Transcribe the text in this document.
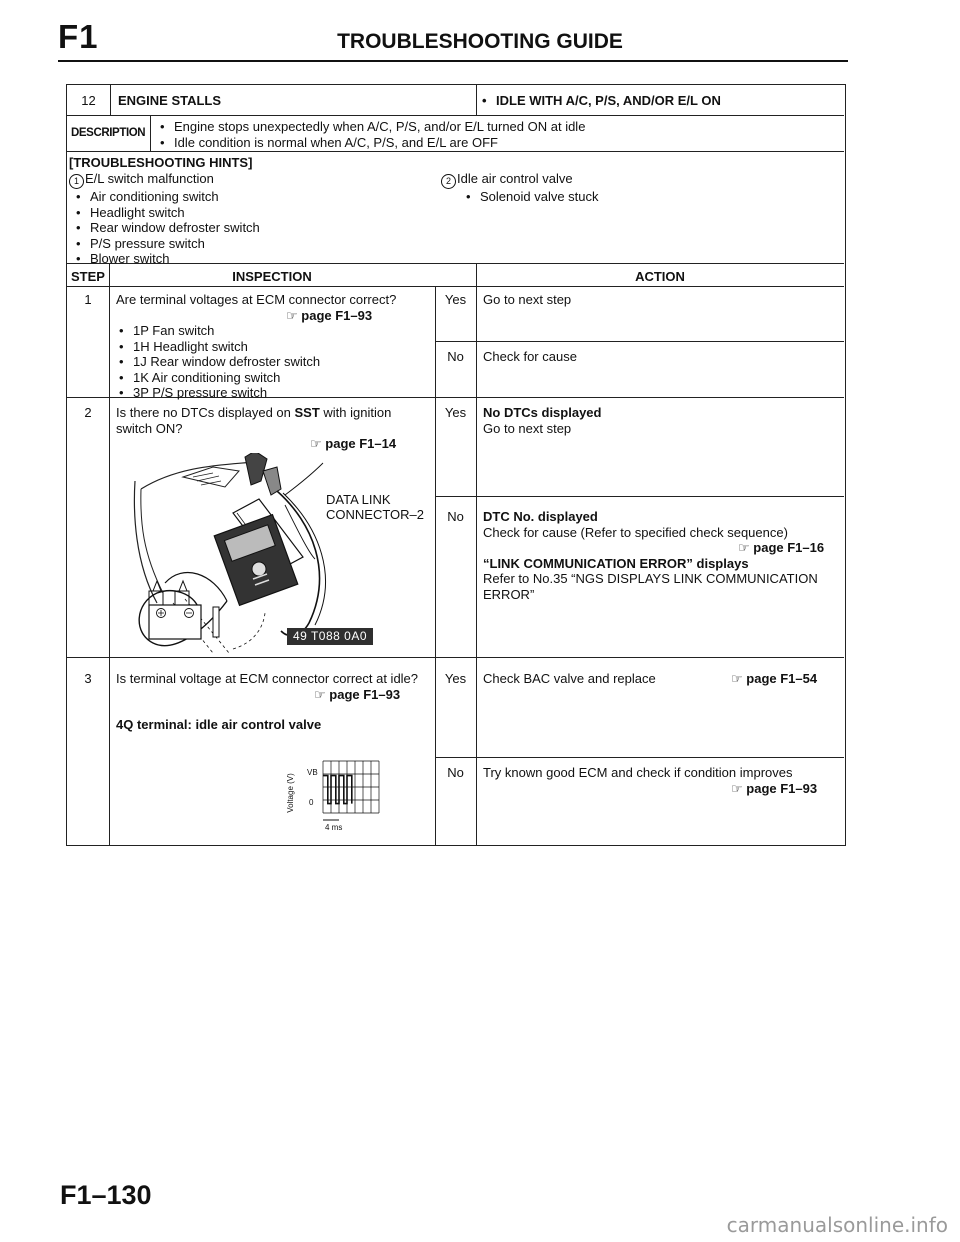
F1	TROUBLESHOOTING GUIDE
12	ENGINE STALLS	• IDLE WITH A/C, P/S, AND/OR E/L ON
DESCRIPTION	• Engine stops unexpectedly when A/C, P/S, and/or E/L turned ON at idle
• Idle condition is normal when A/C, P/S, and E/L are OFF
[TROUBLESHOOTING HINTS]
1 E/L switch malfunction
• Air conditioning switch
• Headlight switch
• Rear window defroster switch
• P/S pressure switch
• Blower switch
2 Idle air control valve
• Solenoid valve stuck
STEP	INSPECTION	ACTION
1	Are terminal voltages at ECM connector correct?
☞ page F1–93
• 1P Fan switch
• 1H Headlight switch
• 1J Rear window defroster switch
• 1K Air conditioning switch
• 3P P/S pressure switch
Yes	Go to next step
No	Check for cause
2	Is there no DTCs displayed on SST with ignition
switch ON?
☞ page F1–14
DATA LINK
CONNECTOR–2
49 T088 0A0
Yes	No DTCs displayed
Go to next step
No	DTC No. displayed
Check for cause (Refer to specified check sequence)
☞ page F1–16
“LINK COMMUNICATION ERROR” displays
Refer to No.35 “NGS DISPLAYS LINK COMMUNICATION
ERROR”
3	Is terminal voltage at ECM connector correct at idle?
☞ page F1–93
4Q terminal: idle air control valve
Voltage (V)
VB
0
4 ms
Yes	Check BAC valve and replace	☞ page F1–54
No	Try known good ECM and check if condition improves
☞ page F1–93
F1–130
carmanualsonline.info
